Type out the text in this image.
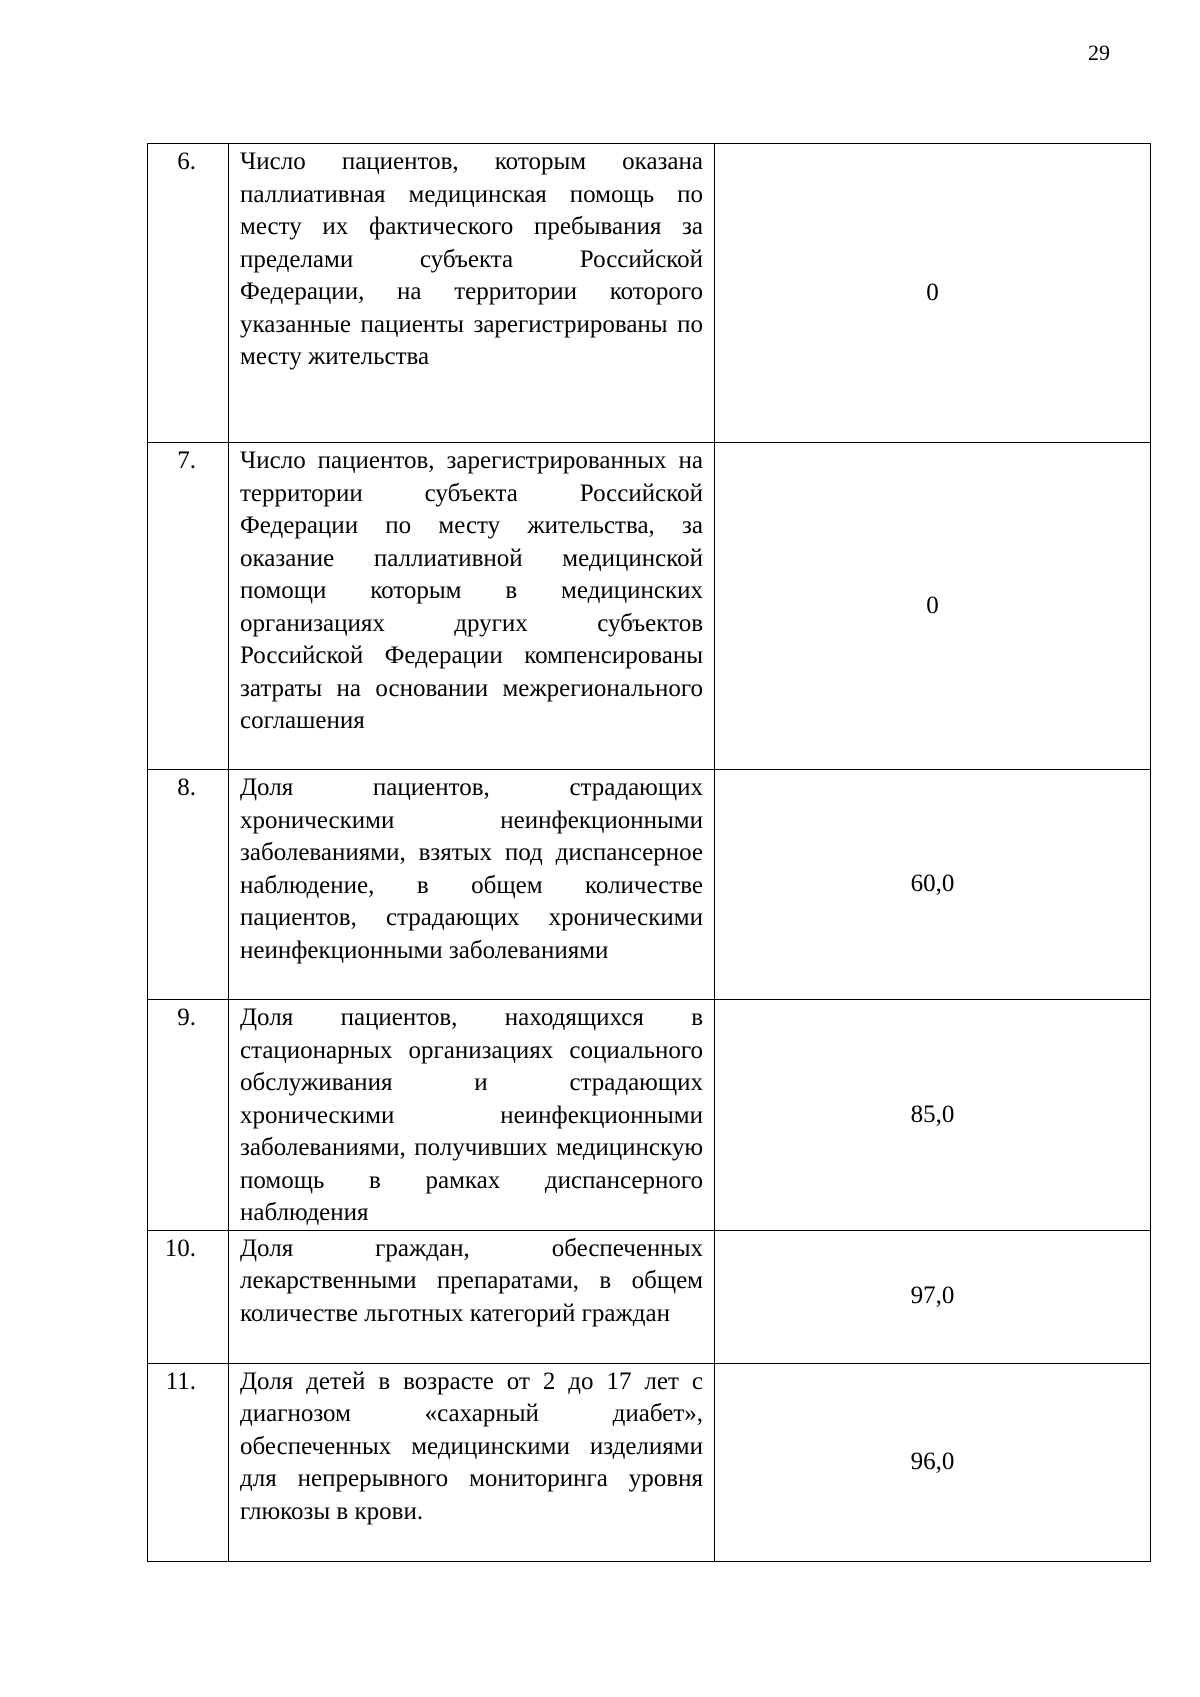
29
6.	Число пациентов, которым оказана паллиативная медицинская помощь по месту их фактического пребывания за пределами субъекта Российской Федерации, на территории которого указанные пациенты зарегистрированы по месту жительства	0
7.	Число пациентов, зарегистрированных на территории субъекта Российской Федерации по месту жительства, за оказание паллиативной медицинской помощи которым в медицинских организациях других субъектов Российской Федерации компенсированы затраты на основании межрегионального соглашения	0
8.	Доля пациентов, страдающих хроническими неинфекционными заболеваниями, взятых под диспансерное наблюдение, в общем количестве пациентов, страдающих хроническими неинфекционными заболеваниями	60,0
9.	Доля пациентов, находящихся в стационарных организациях социального обслуживания и страдающих хроническими неинфекционными заболеваниями, получивших медицинскую помощь в рамках диспансерного наблюдения	85,0
10.	Доля граждан, обеспеченных лекарственными препаратами, в общем количестве льготных категорий граждан	97,0
11.	Доля детей в возрасте от 2 до 17 лет с диагнозом «сахарный диабет», обеспеченных медицинскими изделиями для непрерывного мониторинга уровня глюкозы в крови.	96,0
